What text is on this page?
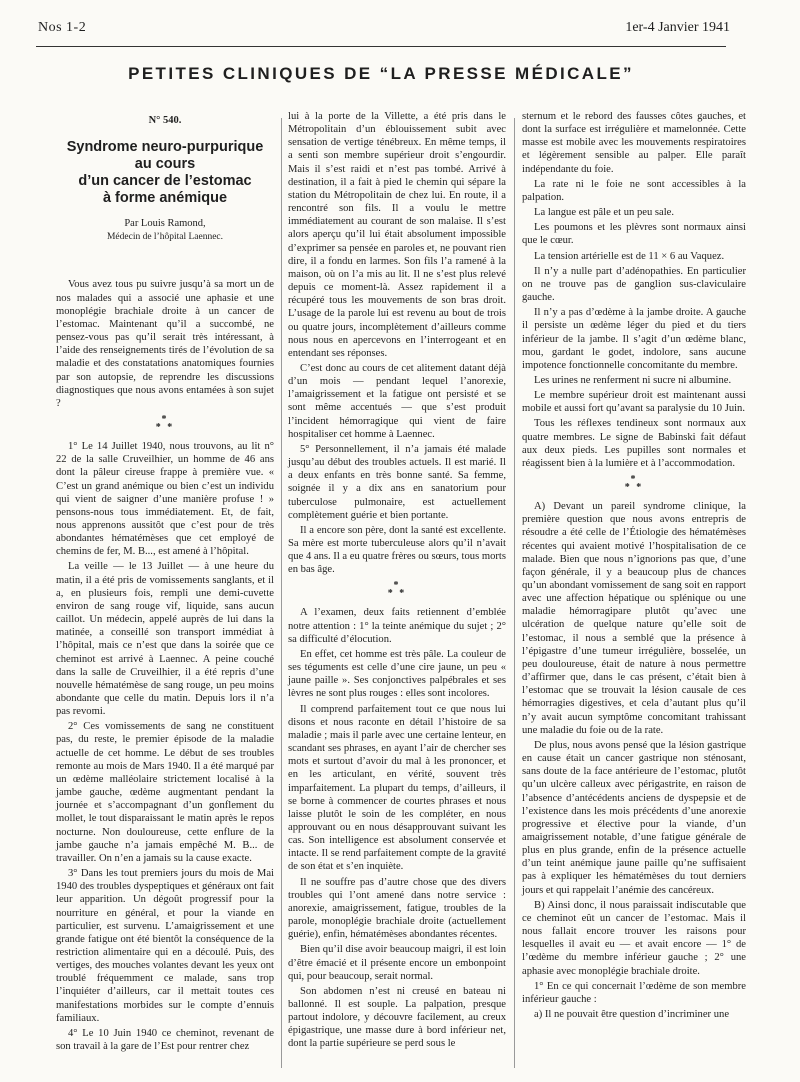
Nos 1-2	1er-4 Janvier 1941
PETITES CLINIQUES DE “LA PRESSE MÉDICALE”
N° 540.
Syndrome neuro-purpurique
au cours
d’un cancer de l’estomac
à forme anémique
Par Louis Ramond,
Médecin de l’hôpital Laennec.

Vous avez tous pu suivre jusqu’à sa mort un de nos malades qui a associé une aphasie et une monoplégie brachiale droite à un cancer de l’estomac. Maintenant qu’il a succombé, ne pensez-vous pas qu’il serait très intéressant, à l’aide des renseignements tirés de l’évolution de sa maladie et des constatations anatomiques fournies par son autopsie, de reprendre les discussions diagnostiques que nous avons entamées à son sujet ?

*
* *

1° Le 14 Juillet 1940, nous trouvons, au lit n° 22 de la salle Cruveilhier, un homme de 46 ans dont la pâleur cireuse frappe à première vue. « C’est un grand anémique ou bien c’est un individu qui vient de saigner d’une manière profuse ! » pensons-nous tous immédiatement. Et, de fait, nous apprenons aussitôt que c’est pour de très abondantes hématémèses que cet employé de chemins de fer, M. B..., est amené à l’hôpital.

La veille — le 13 Juillet — à une heure du matin, il a été pris de vomissements sanglants, et il a, en plusieurs fois, rempli une demi-cuvette environ de sang rouge vif, liquide, sans aucun caillot. Un médecin, appelé auprès de lui dans la matinée, a conseillé son transport immédiat à l’hôpital, mais ce n’est que dans la soirée que ce cheminot est arrivé à Laennec. A peine couché dans la salle de Cruveilhier, il a été repris d’une nouvelle hématémèse de sang rouge, un peu moins abondante que celle du matin. Depuis lors il n’a pas revomi.

2° Ces vomissements de sang ne constituent pas, du reste, le premier épisode de la maladie actuelle de cet homme. Le début de ses troubles remonte au mois de Mars 1940. Il a été marqué par un œdème malléolaire strictement localisé à la jambe gauche, œdème augmentant pendant la journée et s’accompagnant d’un gonflement du mollet, le tout disparaissant le matin après le repos nocturne. Non douloureuse, cette enflure de la jambe gauche n’a jamais empêché M. B... de travailler. On n’en a jamais su la cause exacte.

3° Dans les tout premiers jours du mois de Mai 1940 des troubles dyspeptiques et généraux ont fait leur apparition. Un dégoût progressif pour la nourriture en général, et pour la viande en particulier, est survenu. L’amaigrissement et une grande fatigue ont été bientôt la conséquence de la restriction alimentaire qui en a découlé. Puis, des vertiges, des mouches volantes devant les yeux ont troublé fréquemment ce malade, sans trop l’inquiéter d’ailleurs, car il mettait toutes ces manifestations morbides sur le compte d’ennuis familiaux.

4° Le 10 Juin 1940 ce cheminot, revenant de son travail à la gare de l’Est pour rentrer chez

lui à la porte de la Villette, a été pris dans le Métropolitain d’un éblouissement subit avec sensation de vertige ténébreux. En même temps, il a senti son membre supérieur droit s’engourdir. Mais il s’est raidi et n’est pas tombé. Arrivé à destination, il a fait à pied le chemin qui sépare la station du Métropolitain de chez lui. En route, il a rencontré son fils. Il a voulu le mettre immédiatement au courant de son malaise. Il s’est alors aperçu qu’il lui était absolument impossible d’exprimer sa pensée en paroles et, ne pouvant rien dire, il a fondu en larmes. Son fils l’a ramené à la maison, où on l’a mis au lit. Il ne s’est plus relevé depuis ce moment-là. Assez rapidement il a récupéré tous les mouvements de son bras droit. L’usage de la parole lui est revenu au bout de trois ou quatre jours, incomplètement d’ailleurs comme nous nous en apercevons en l’interrogeant et en entendant ses réponses.

C’est donc au cours de cet alitement datant déjà d’un mois — pendant lequel l’anorexie, l’amaigrissement et la fatigue ont persisté et se sont même accentués — que s’est produit l’incident hémorragique qui vient de faire hospitaliser cet homme à Laennec.

5° Personnellement, il n’a jamais été malade jusqu’au début des troubles actuels. Il est marié. Il a deux enfants en très bonne santé. Sa femme, soignée il y a dix ans en sanatorium pour tuberculose pulmonaire, est actuellement complètement guérie et bien portante.

Il a encore son père, dont la santé est excellente. Sa mère est morte tuberculeuse alors qu’il n’avait que 4 ans. Il a eu quatre frères ou sœurs, tous morts en bas âge.

*
* *

A l’examen, deux faits retiennent d’emblée notre attention : 1° la teinte anémique du sujet ; 2° sa difficulté d’élocution.

En effet, cet homme est très pâle. La couleur de ses téguments est celle d’une cire jaune, un peu « jaune paille ». Ses conjonctives palpébrales et ses lèvres ne sont plus rouges : elles sont incolores.

Il comprend parfaitement tout ce que nous lui disons et nous raconte en détail l’histoire de sa maladie ; mais il parle avec une certaine lenteur, en scandant ses phrases, en ayant l’air de chercher ses mots et surtout d’avoir du mal à les prononcer, et en les articulant, en vérité, souvent très imparfaitement. La plupart du temps, d’ailleurs, il se borne à commencer de courtes phrases et nous laisse plutôt le soin de les compléter, en nous approuvant ou en nous désapprouvant suivant les cas. Son intelligence est absolument conservée et intacte. Il se rend parfaitement compte de la gravité de son état et s’en inquiète.

Il ne souffre pas d’autre chose que des divers troubles qui l’ont amené dans notre service : anorexie, amaigrissement, fatigue, troubles de la parole, monoplégie brachiale droite (actuellement guérie), enfin, hématémèses abondantes récentes.

Bien qu’il dise avoir beaucoup maigri, il est loin d’être émacié et il présente encore un embonpoint qui, pour beaucoup, serait normal.

Son abdomen n’est ni creusé en bateau ni ballonné. Il est souple. La palpation, presque partout indolore, y découvre facilement, au creux épigastrique, une masse dure à bord inférieur net, dont la partie supérieure se perd sous le

sternum et le rebord des fausses côtes gauches, et dont la surface est irrégulière et mamelonnée. Cette masse est mobile avec les mouvements respiratoires et légèrement sensible au palper. Elle paraît indépendante du foie.

La rate ni le foie ne sont accessibles à la palpation.

La langue est pâle et un peu sale.

Les poumons et les plèvres sont normaux ainsi que le cœur.

La tension artérielle est de 11 × 6 au Vaquez.

Il n’y a nulle part d’adénopathies. En particulier on ne trouve pas de ganglion sus-claviculaire gauche.

Il n’y a pas d’œdème à la jambe droite. A gauche il persiste un œdème léger du pied et du tiers inférieur de la jambe. Il s’agit d’un œdème blanc, mou, gardant le godet, indolore, sans aucune impotence fonctionnelle concomitante du membre.

Les urines ne renferment ni sucre ni albumine.

Le membre supérieur droit est maintenant aussi mobile et aussi fort qu’avant sa paralysie du 10 Juin.

Tous les réflexes tendineux sont normaux aux quatre membres. Le signe de Babinski fait défaut aux deux pieds. Les pupilles sont normales et réagissent bien à la lumière et à l’accommodation.

*
* *

A) Devant un pareil syndrome clinique, la première question que nous avons entrepris de résoudre a été celle de l’Étiologie des hématémèses récentes qui avaient motivé l’hospitalisation de ce malade. Bien que nous n’ignorions pas que, d’une façon générale, il y a beaucoup plus de chances qu’un abondant vomissement de sang soit en rapport avec une affection hépatique ou splénique ou une maladie hémorragipare plutôt qu’avec une ulcération de quelque nature qu’elle soit de l’estomac, il nous a semblé que la présence à l’épigastre d’une tumeur irrégulière, bosselée, un peu douloureuse, était de nature à nous permettre d’affirmer que, dans le cas présent, c’était bien à l’estomac que se trouvait la lésion causale de ces hémorragies digestives, et cela d’autant plus qu’il n’y avait aucun symptôme concomitant trahissant une maladie du foie ou de la rate.

De plus, nous avons pensé que la lésion gastrique en cause était un cancer gastrique non sténosant, sans doute de la face antérieure de l’estomac, plutôt qu’un ulcère calleux avec périgastrite, en raison de l’absence d’antécédents anciens de dyspepsie et de l’existence dans les mois précédents d’une anorexie progressive et élective pour la viande, d’un amaigrissement notable, d’une fatigue générale de plus en plus grande, enfin de la présence actuelle d’un teint anémique jaune paille qu’ne suffisaient pas à expliquer les hématémèses du tout derniers jours et qui rappelait l’anémie des cancéreux.

B) Ainsi donc, il nous paraissait indiscutable que ce cheminot eût un cancer de l’estomac. Mais il nous fallait encore trouver les raisons pour lesquelles il avait eu — et avait encore — 1° de l’œdème du membre inférieur gauche ; 2° une aphasie avec monoplégie brachiale droite.

1° En ce qui concernait l’œdème de son membre inférieur gauche :

a) Il ne pouvait être question d’incriminer une
